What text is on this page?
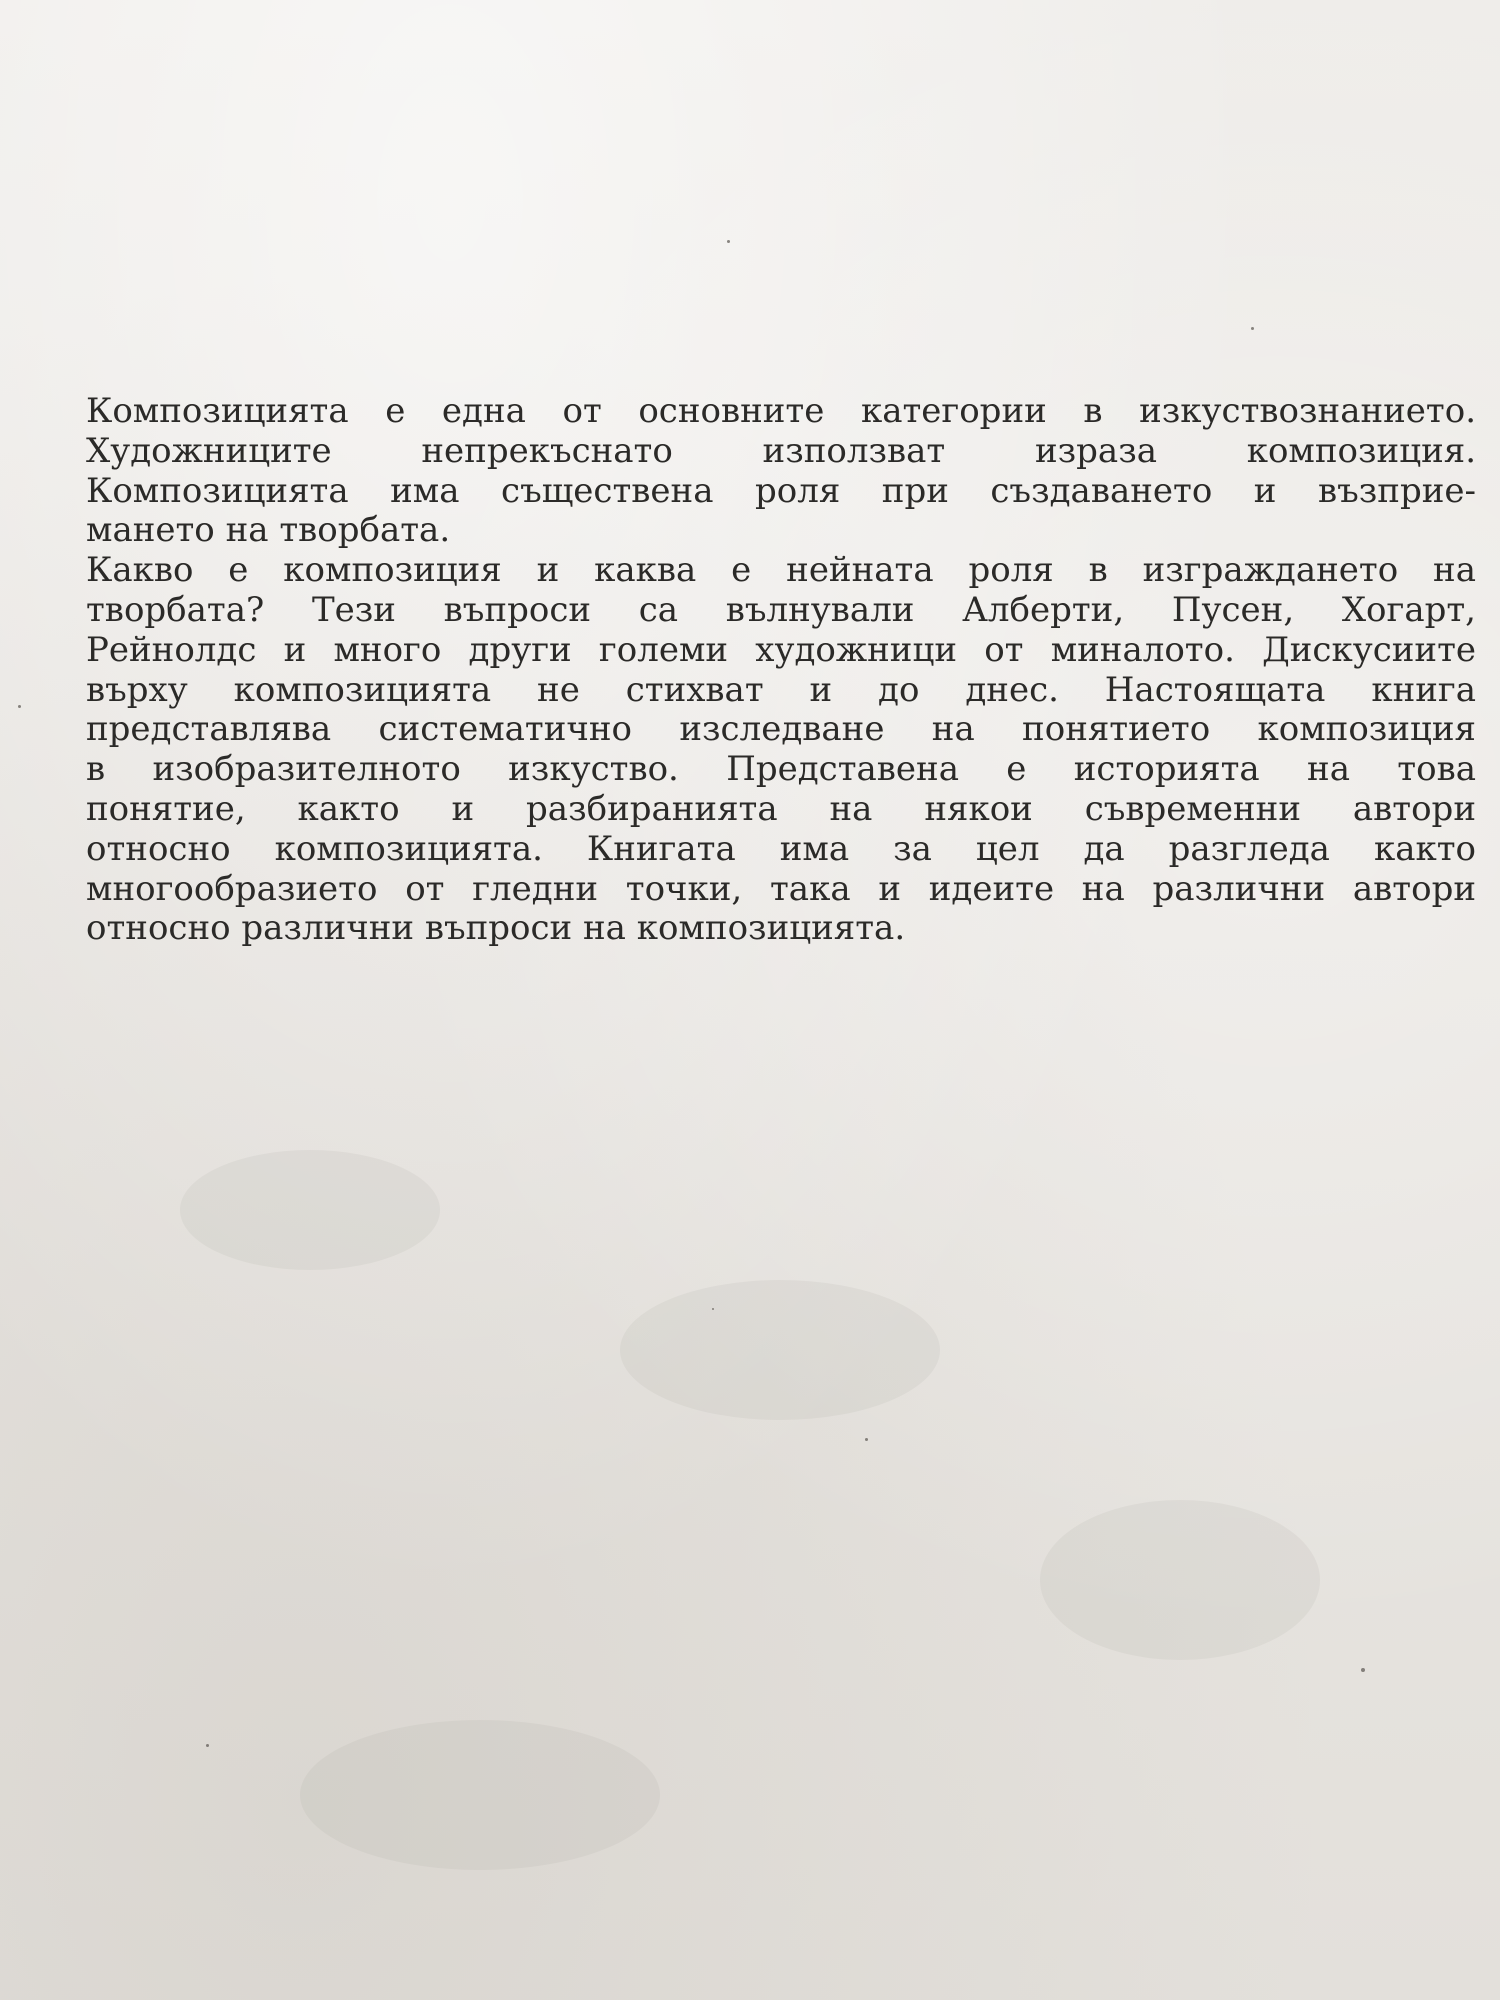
Композицията е една от основните категории в изкуствознанието.
Художниците непрекъснато използват израза композиция.
Композицията има съществена роля при създаването и възприе-
манeто на творбата.

Какво е композиция и каква е нейната роля в изграждането на
творбата? Тези въпроси са вълнували Алберти, Пусен, Хогарт,
Рейнолдс и много други големи художници от миналото. Дискусиите
върху композицията не стихват и до днес. Настоящата книга
представлява систематично изследване на понятието композиция
в изобразителното изкуство. Представена е историята на това
понятие, както и разбиранията на някои съвременни автори
относно композицията. Книгата има за цел да разгледа както
многообразието от гледни точки, така и идеите на различни автори
относно различни въпроси на композицията.
